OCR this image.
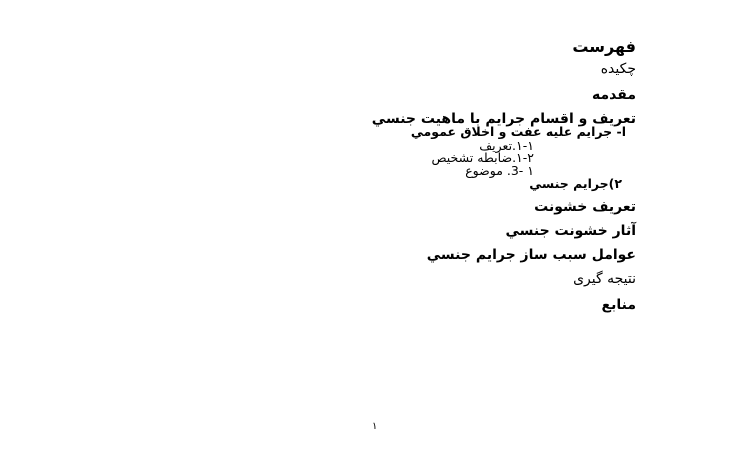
فهرست
چكيده
مقدمه
تعريف و اقسام جرايم با ماهيت جنسي
ا- جرايم عليه عفت و اخلاق عمومي
۱-۱.تعريف
۱-۲.ضابطه تشخيص
۱ -3. موضوع
۲)جرايم جنسي
تعريف خشونت
آثار خشونت جنسي
عوامل سبب ساز جرايم جنسي
نتيجه گيری
منابع
١
